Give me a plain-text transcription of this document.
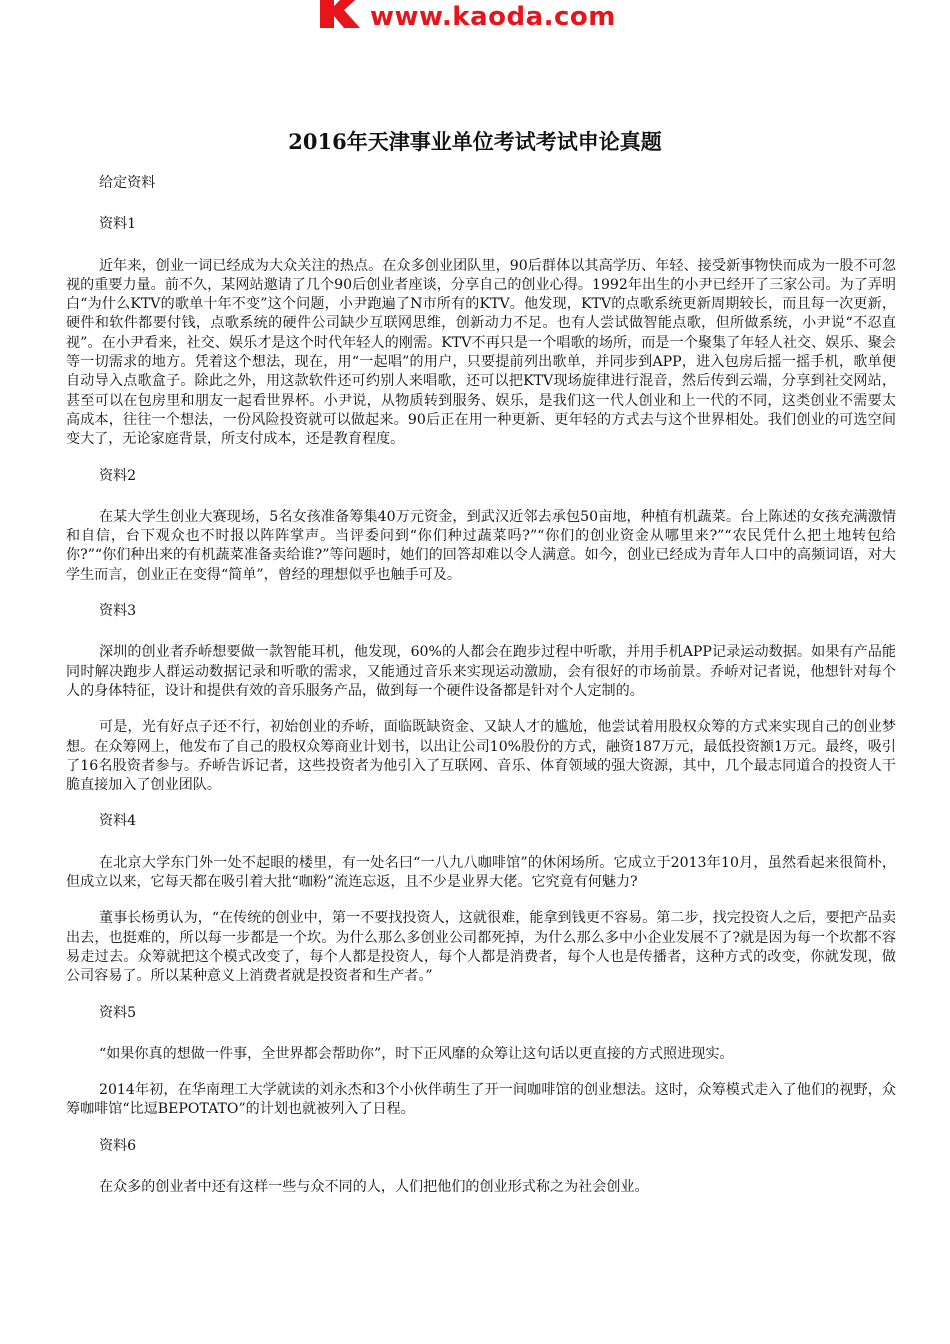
www.kaoda.com
2016年天津事业单位考试考试申论真题

给定资料

资料1

近年来，创业一词已经成为大众关注的热点。在众多创业团队里，90后群体以其高学历、年轻、接受新事物快而成为一股不可忽视的重要力量。前不久，某网站邀请了几个90后创业者座谈，分享自己的创业心得。1992年出生的小尹已经开了三家公司。为了弄明白“为什么KTV的歌单十年不变”这个问题，小尹跑遍了N市所有的KTV。他发现，KTV的点歌系统更新周期较长，而且每一次更新，硬件和软件都要付钱，点歌系统的硬件公司缺少互联网思维，创新动力不足。也有人尝试做智能点歌，但所做系统，小尹说“不忍直视”。在小尹看来，社交、娱乐才是这个时代年轻人的刚需。KTV不再只是一个唱歌的场所，而是一个聚集了年轻人社交、娱乐、聚会等一切需求的地方。凭着这个想法，现在，用“一起唱”的用户，只要提前列出歌单，并同步到APP，进入包房后摇一摇手机，歌单便自动导入点歌盒子。除此之外，用这款软件还可约别人来唱歌，还可以把KTV现场旋律进行混音，然后传到云端，分享到社交网站，甚至可以在包房里和朋友一起看世界杯。小尹说，从物质转到服务、娱乐，是我们这一代人创业和上一代的不同，这类创业不需要太高成本，往往一个想法，一份风险投资就可以做起来。90后正在用一种更新、更年轻的方式去与这个世界相处。我们创业的可选空间变大了，无论家庭背景，所支付成本，还是教育程度。

资料2

在某大学生创业大赛现场，5名女孩准备筹集40万元资金，到武汉近邻去承包50亩地，种植有机蔬菜。台上陈述的女孩充满激情和自信，台下观众也不时报以阵阵掌声。当评委问到“你们种过蔬菜吗?”“你们的创业资金从哪里来?”“农民凭什么把土地转包给你?”“你们种出来的有机蔬菜准备卖给谁?”等问题时，她们的回答却难以令人满意。如今，创业已经成为青年人口中的高频词语，对大学生而言，创业正在变得“简单”，曾经的理想似乎也触手可及。

资料3

深圳的创业者乔峤想要做一款智能耳机，他发现，60%的人都会在跑步过程中听歌，并用手机APP记录运动数据。如果有产品能同时解决跑步人群运动数据记录和听歌的需求，又能通过音乐来实现运动激励，会有很好的市场前景。乔峤对记者说，他想针对每个人的身体特征，设计和提供有效的音乐服务产品，做到每一个硬件设备都是针对个人定制的。

可是，光有好点子还不行，初始创业的乔峤，面临既缺资金、又缺人才的尴尬，他尝试着用股权众筹的方式来实现自己的创业梦想。在众筹网上，他发布了自己的股权众筹商业计划书，以出让公司10%股份的方式，融资187万元，最低投资额1万元。最终，吸引了16名股资者参与。乔峤告诉记者，这些投资者为他引入了互联网、音乐、体育领域的强大资源，其中，几个最志同道合的投资人干脆直接加入了创业团队。

资料4

在北京大学东门外一处不起眼的楼里，有一处名曰“一八九八咖啡馆”的休闲场所。它成立于2013年10月，虽然看起来很简朴，但成立以来，它每天都在吸引着大批“咖粉”流连忘返，且不少是业界大佬。它究竟有何魅力?

董事长杨勇认为，“在传统的创业中，第一不要找投资人，这就很难，能拿到钱更不容易。第二步，找完投资人之后，要把产品卖出去，也挺难的，所以每一步都是一个坎。为什么那么多创业公司都死掉，为什么那么多中小企业发展不了?就是因为每一个坎都不容易走过去。众筹就把这个模式改变了，每个人都是投资人，每个人都是消费者，每个人也是传播者，这种方式的改变，你就发现，做公司容易了。所以某种意义上消费者就是投资者和生产者。”

资料5

“如果你真的想做一件事，全世界都会帮助你”，时下正风靡的众筹让这句话以更直接的方式照进现实。

2014年初，在华南理工大学就读的刘永杰和3个小伙伴萌生了开一间咖啡馆的创业想法。这时，众筹模式走入了他们的视野，众筹咖啡馆“比逗BEPOTATO”的计划也就被列入了日程。

资料6

在众多的创业者中还有这样一些与众不同的人，人们把他们的创业形式称之为社会创业。
